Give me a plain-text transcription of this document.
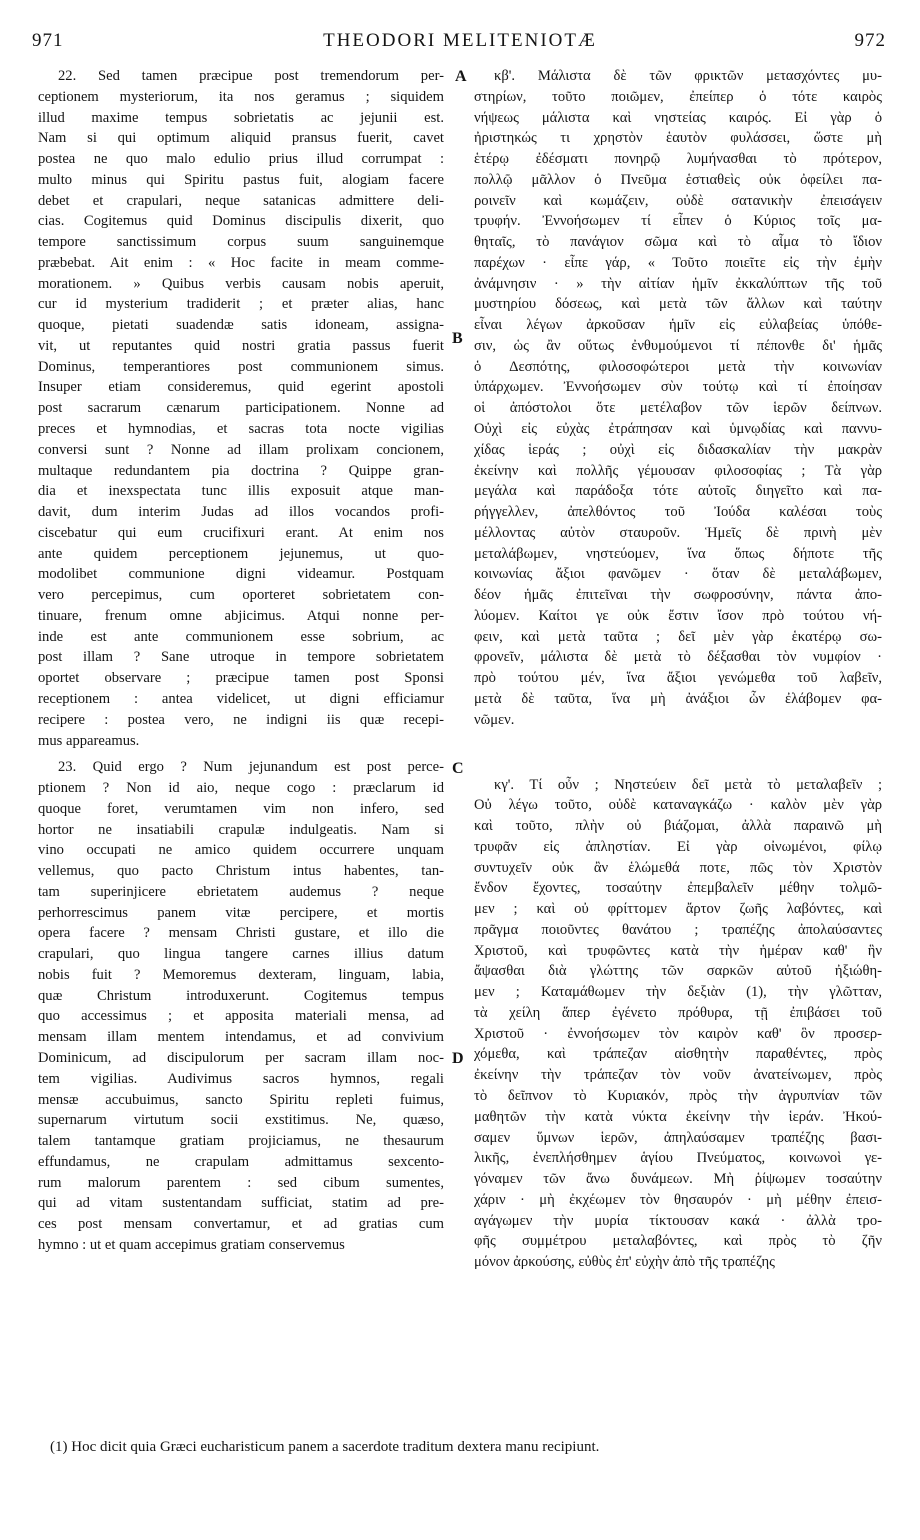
971	THEODORI MELITENIOTÆ	972
22. Sed tamen præcipue post tremendorum per-
ceptionem mysteriorum, ita nos geramus ; siquidem
illud maxime tempus sobrietatis ac jejunii est.
Nam si qui optimum aliquid pransus fuerit, cavet
postea ne quo malo edulio prius illud corrumpat :
multo minus qui Spiritu pastus fuit, alogiam facere
debet et crapulari, neque satanicas admittere deli-
cias. Cogitemus quid Dominus discipulis dixerit, quo
tempore sanctissimum corpus suum sanguinemque
præbebat. Ait enim : « Hoc facite in meam comme-
morationem. » Quibus verbis causam nobis aperuit,
cur id mysterium tradiderit ; et præter alias, hanc
quoque, pietati suadendæ satis idoneam, assigna-
vit, ut reputantes quid nostri gratia passus fuerit
Dominus, temperantiores post communionem simus.
Insuper etiam consideremus, quid egerint apostoli
post sacrarum cænarum participationem. Nonne ad
preces et hymnodias, et sacras tota nocte vigilias
conversi sunt ? Nonne ad illam prolixam concionem,
multaque redundantem pia doctrina ? Quippe gran-
dia et inexspectata tunc illis exposuit atque man-
davit, dum interim Judas ad illos vocandos profi-
ciscebatur qui eum crucifixuri erant. At enim nos
ante quidem perceptionem jejunemus, ut quo-
modolibet communione digni videamur. Postquam
vero percepimus, cum oporteret sobrietatem con-
tinuare, frenum omne abjicimus. Atqui nonne per-
inde est ante communionem esse sobrium, ac
post illam ? Sane utroque in tempore sobrietatem
oportet observare ; præcipue tamen post Sponsi
receptionem : antea videlicet, ut digni efficiamur
recipere : postea vero, ne indigni iis quæ recepi-
mus appareamus.
23. Quid ergo ? Num jejunandum est post perce-
ptionem ? Non id aio, neque cogo : præclarum id
quoque foret, verumtamen vim non infero, sed
hortor ne insatiabili crapulæ indulgeatis. Nam si
vino occupati ne amico quidem occurrere unquam
vellemus, quo pacto Christum intus habentes, tan-
tam superinjicere ebrietatem audemus ? neque
perhorrescimus panem vitæ percipere, et mortis
opera facere ? mensam Christi gustare, et illo die
crapulari, quo lingua tangere carnes illius datum
nobis fuit ? Memoremus dexteram, linguam, labia,
quæ Christum introduxerunt. Cogitemus tempus
quo accessimus ; et apposita materiali mensa, ad
mensam illam mentem intendamus, et ad convivium
Dominicum, ad discipulorum per sacram illam noc-
tem vigilias. Audivimus sacros hymnos, regali
mensæ accubuimus, sancto Spiritu repleti fuimus,
supernarum virtutum socii exstitimus. Ne, quæso,
talem tantamque gratiam projiciamus, ne thesaurum
effundamus, ne crapulam admittamus sexcento-
rum malorum parentem : sed cibum sumentes,
qui ad vitam sustentandam sufficiat, statim ad pre-
ces post mensam convertamur, et ad gratias cum
hymno : ut et quam accepimus gratiam conservemus
κβ'. Μάλιστα δὲ τῶν φρικτῶν μετασχόντες μυ-
στηρίων, τοῦτο ποιῶμεν, ἐπείπερ ὁ τότε καιρὸς
νήψεως μάλιστα καὶ νηστείας καιρός. Εἰ γὰρ ὁ
ἠριστηκώς τι χρηστὸν ἑαυτὸν φυλάσσει, ὥστε μὴ
ἑτέρῳ ἐδέσματι πονηρῷ λυμήνασθαι τὸ πρότερον,
πολλῷ μᾶλλον ὁ Πνεῦμα ἑστιαθεὶς οὐκ ὀφείλει πα-
ροινεῖν καὶ κωμάζειν, οὐδὲ σατανικὴν ἐπεισάγειν
τρυφήν. Ἐννοήσωμεν τί εἶπεν ὁ Κύριος τοῖς μα-
θηταῖς, τὸ πανάγιον σῶμα καὶ τὸ αἷμα τὸ ἴδιον
παρέχων · εἶπε γάρ, « Τοῦτο ποιεῖτε εἰς τὴν ἐμὴν
ἀνάμνησιν · » τὴν αἰτίαν ἡμῖν ἐκκαλύπτων τῆς τοῦ
μυστηρίου δόσεως, καὶ μετὰ τῶν ἄλλων καὶ ταύτην
εἶναι λέγων ἀρκοῦσαν ἡμῖν εἰς εὐλαβείας ὑπόθε-
σιν, ὡς ἂν οὕτως ἐνθυμούμενοι τί πέπονθε δι' ἡμᾶς
ὁ Δεσπότης, φιλοσοφώτεροι μετὰ τὴν κοινωνίαν
ὑπάρχωμεν. Ἐννοήσωμεν σὺν τούτῳ καὶ τί ἐποίησαν
οἱ ἀπόστολοι ὅτε μετέλαβον τῶν ἱερῶν δείπνων.
Οὐχὶ εἰς εὐχὰς ἐτράπησαν καὶ ὑμνῳδίας καὶ παννυ-
χίδας ἱεράς ; οὐχὶ εἰς διδασκαλίαν τὴν μακρὰν
ἐκείνην καὶ πολλῆς γέμουσαν φιλοσοφίας ; Τὰ γὰρ
μεγάλα καὶ παράδοξα τότε αὐτοῖς διηγεῖτο καὶ πα-
ρήγγελλεν, ἀπελθόντος τοῦ Ἰούδα καλέσαι τοὺς
μέλλοντας αὐτὸν σταυροῦν. Ἡμεῖς δὲ πρινὴ μὲν
μεταλάβωμεν, νηστεύομεν, ἵνα ὅπως δήποτε τῆς
κοινωνίας ἄξιοι φανῶμεν · ὅταν δὲ μεταλάβωμεν,
δέον ἡμᾶς ἐπιτεῖναι τὴν σωφροσύνην, πάντα ἀπο-
λύομεν. Καίτοι γε οὐκ ἔστιν ἴσον πρὸ τούτου νή-
φειν, καὶ μετὰ ταῦτα ; δεῖ μὲν γὰρ ἑκατέρῳ σω-
φρονεῖν, μάλιστα δὲ μετὰ τὸ δέξασθαι τὸν νυμφίον ·
πρὸ τούτου μέν, ἵνα ἄξιοι γενώμεθα τοῦ λαβεῖν,
μετὰ δὲ ταῦτα, ἵνα μὴ ἀνάξιοι ὧν ἐλάβομεν φα-
νῶμεν.
κγ'. Τί οὖν ; Νηστεύειν δεῖ μετὰ τὸ μεταλαβεῖν ;
Οὐ λέγω τοῦτο, οὐδὲ καταναγκάζω · καλὸν μὲν γὰρ
καὶ τοῦτο, πλὴν οὐ βιάζομαι, ἀλλὰ παραινῶ μὴ
τρυφᾶν εἰς ἀπληστίαν. Εἰ γὰρ οἰνωμένοι, φίλῳ
συντυχεῖν οὐκ ἂν ἑλώμεθά ποτε, πῶς τὸν Χριστὸν
ἔνδον ἔχοντες, τοσαύτην ἐπεμβαλεῖν μέθην τολμῶ-
μεν ; καὶ οὐ φρίττομεν ἄρτον ζωῆς λαβόντες, καὶ
πρᾶγμα ποιοῦντες θανάτου ; τραπέζης ἀπολαύσαντες
Χριστοῦ, καὶ τρυφῶντες κατὰ τὴν ἡμέραν καθ' ἣν
ἄψασθαι διὰ γλώττης τῶν σαρκῶν αὐτοῦ ἠξιώθη-
μεν ; Καταμάθωμεν τὴν δεξιὰν (1), τὴν γλῶτταν,
τὰ χείλη ἅπερ ἐγένετο πρόθυρα, τῇ ἐπιβάσει τοῦ
Χριστοῦ · ἐννοήσωμεν τὸν καιρὸν καθ' ὃν προσερ-
χόμεθα, καὶ τράπεζαν αἰσθητὴν παραθέντες, πρὸς
ἐκείνην τὴν τράπεζαν τὸν νοῦν ἀνατείνωμεν, πρὸς
τὸ δεῖπνον τὸ Κυριακόν, πρὸς τὴν ἀγρυπνίαν τῶν
μαθητῶν τὴν κατὰ νύκτα ἐκείνην τὴν ἱεράν. Ἠκού-
σαμεν ὕμνων ἱερῶν, ἀπηλαύσαμεν τραπέζης βασι-
λικῆς, ἐνεπλήσθημεν ἁγίου Πνεύματος, κοινωνοὶ γε-
γόναμεν τῶν ἄνω δυνάμεων. Μὴ ῥίψωμεν τοσαύτην
χάριν · μὴ ἐκχέωμεν τὸν θησαυρόν · μὴ μέθην ἐπεισ-
αγάγωμεν τὴν μυρία τίκτουσαν κακά · ἀλλὰ τρο-
φῆς συμμέτρου μεταλαβόντες, καὶ πρὸς τὸ ζῆν
μόνον ἀρκούσης, εὐθὺς ἐπ' εὐχὴν ἀπὸ τῆς τραπέζης
A
B
C
D
(1) Hoc dicit quia Græci eucharisticum panem a sacerdote traditum dextera manu recipiunt.
